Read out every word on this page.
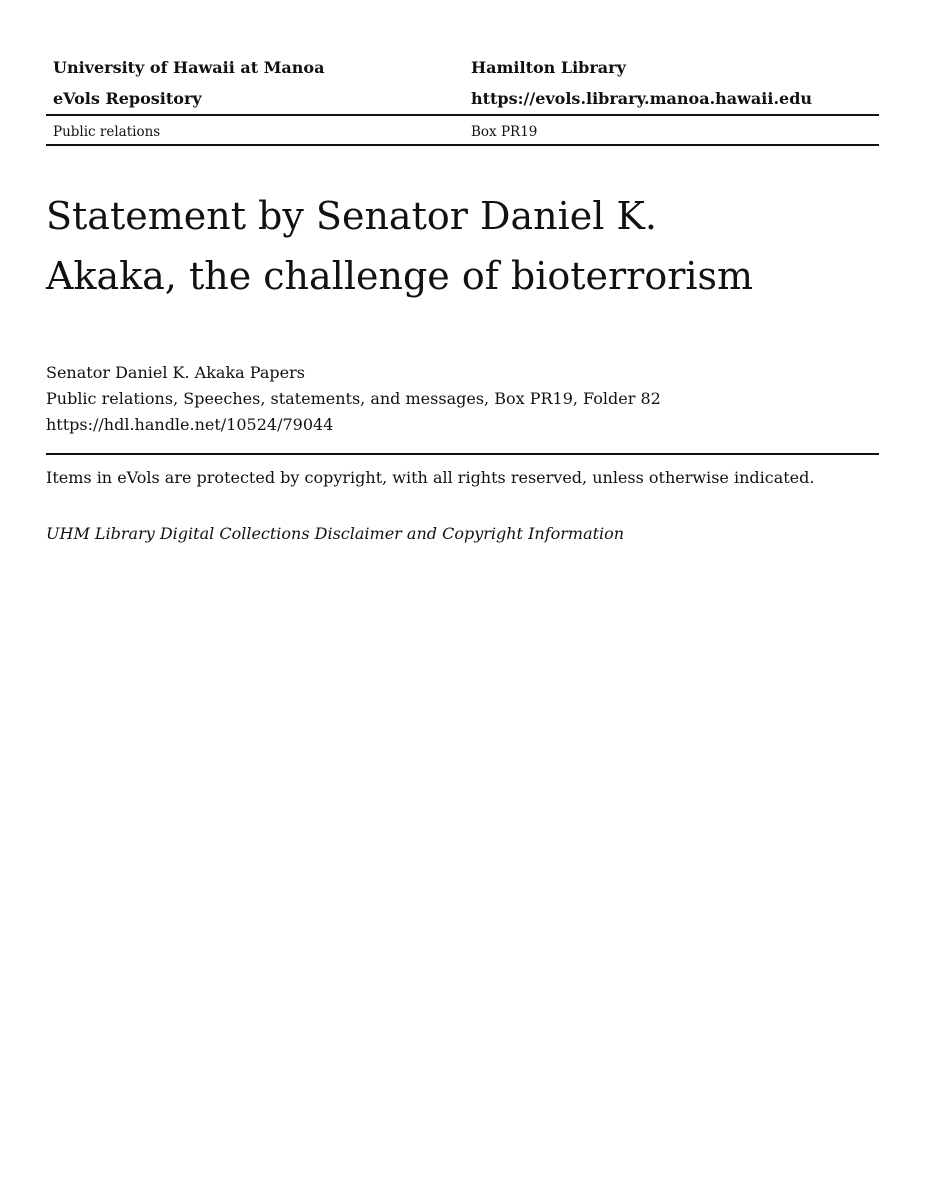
University of Hawaii at Manoa	Hamilton Library
eVols Repository	https://evols.library.manoa.hawaii.edu
Public relations	Box PR19
Statement by Senator Daniel K.
Akaka, the challenge of bioterrorism
Senator Daniel K. Akaka Papers
Public relations, Speeches, statements, and messages, Box PR19, Folder 82
https://hdl.handle.net/10524/79044
Items in eVols are protected by copyright, with all rights reserved, unless otherwise indicated.
UHM Library Digital Collections Disclaimer and Copyright Information
